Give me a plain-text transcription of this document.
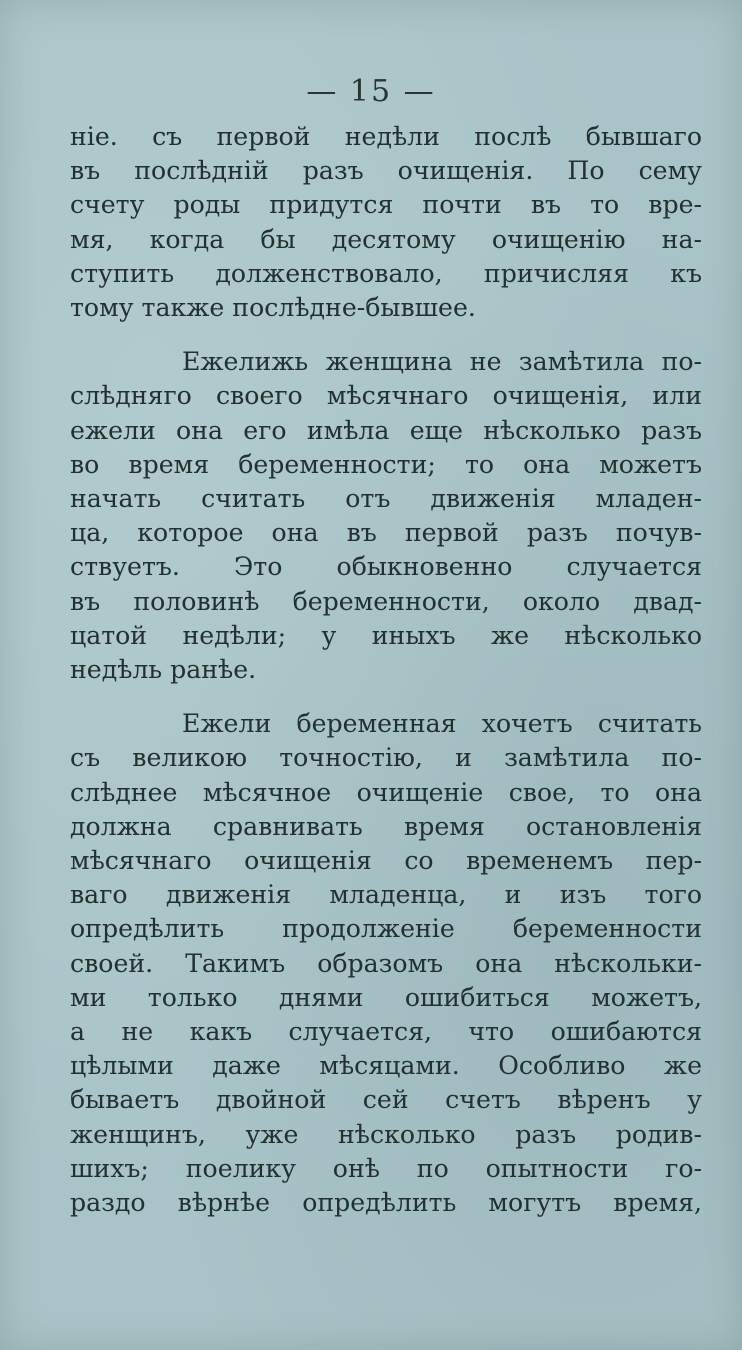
— 15 —

ніе. съ первой недѣли послѣ бывшаго
въ послѣдній разъ очищенія. По сему
счету роды придутся почти въ то вре-
мя, когда бы десятому очищенію на-
ступить долженствовало, причисляя къ
тому также послѣдне-бывшее.

Ежелижь женщина не замѣтила по-
слѣдняго своего мѣсячнаго очищенія, или
ежели она его имѣла еще нѣсколько разъ
во время беременности; то она можетъ
начать считать отъ движенія младен-
ца, которое она въ первой разъ почув-
ствуетъ. Это обыкновенно случается
въ половинѣ беременности, около двад-
цатой недѣли; у иныхъ же нѣсколько
недѣль ранѣе.

Ежели беременная хочетъ считать
съ великою точностію, и замѣтила по-
слѣднее мѣсячное очищеніе свое, то она
должна сравнивать время остановленія
мѣсячнаго очищенія со временемъ пер-
ваго движенія младенца, и изъ того
опредѣлить продолженіе беременности
своей. Такимъ образомъ она нѣскольки-
ми только днями ошибиться можетъ,
а не какъ случается, что ошибаются
цѣлыми даже мѣсяцами. Особливо же
бываетъ двойной сей счетъ вѣренъ у
женщинъ, уже нѣсколько разъ родив-
шихъ; поелику онѣ по опытности го-
раздо вѣрнѣе опредѣлить могутъ время,
